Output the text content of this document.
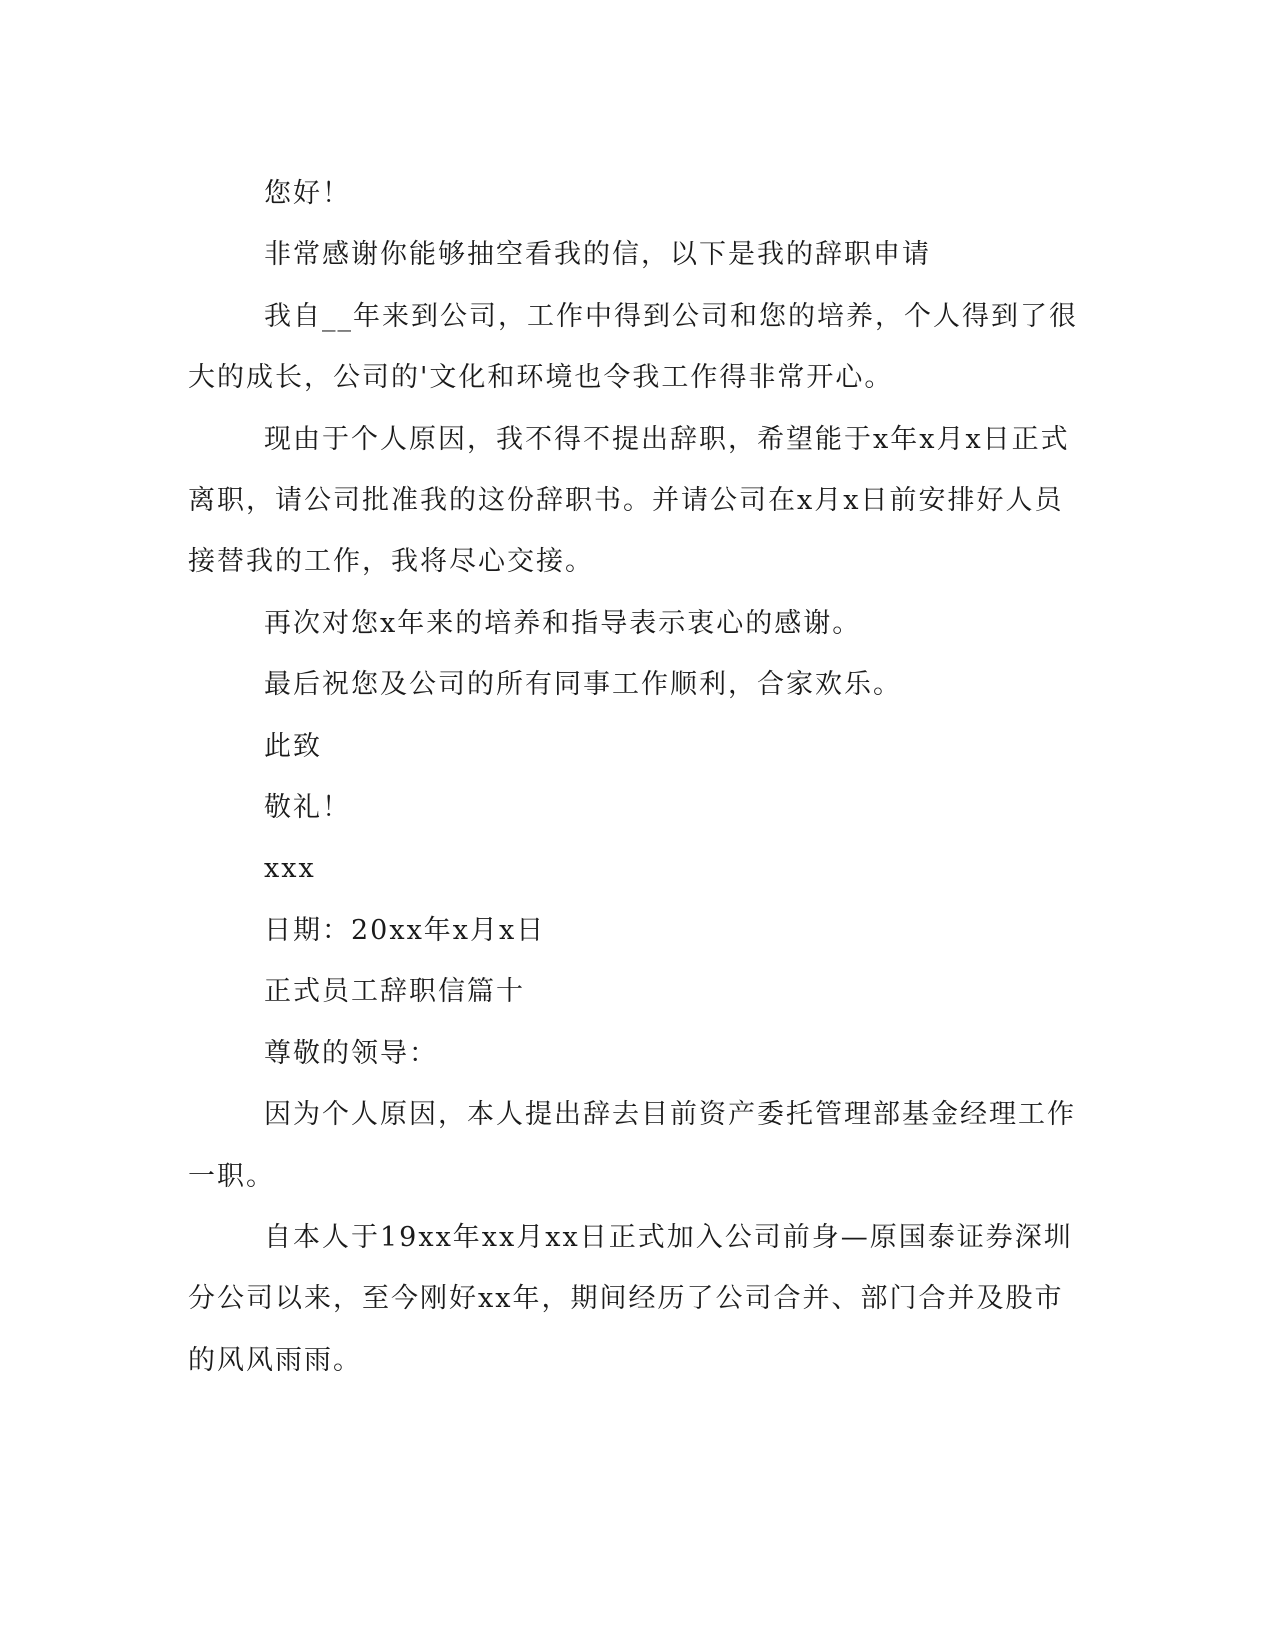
您好！

非常感谢你能够抽空看我的信，以下是我的辞职申请

我自__年来到公司，工作中得到公司和您的培养，个人得到了很大的成长，公司的'文化和环境也令我工作得非常开心。

现由于个人原因，我不得不提出辞职，希望能于x年x月x日正式离职，请公司批准我的这份辞职书。并请公司在x月x日前安排好人员接替我的工作，我将尽心交接。

再次对您x年来的培养和指导表示衷心的感谢。

最后祝您及公司的所有同事工作顺利，合家欢乐。

此致

敬礼！

xxx

日期：20xx年x月x日

正式员工辞职信篇十

尊敬的领导：

因为个人原因，本人提出辞去目前资产委托管理部基金经理工作一职。

自本人于19xx年xx月xx日正式加入公司前身—原国泰证券深圳分公司以来，至今刚好xx年，期间经历了公司合并、部门合并及股市的风风雨雨。
